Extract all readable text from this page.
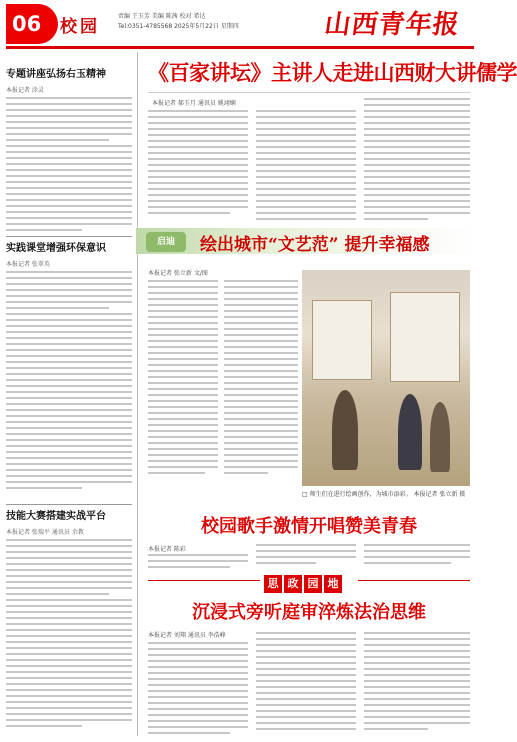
06	校园
责编 王玉芳 美编 陈茜 校对 希达
Tel:0351-4785568 2025年5月22日 星期四	山西青年报
专题讲座弘扬右玉精神
本报记者 涂灵
实践课堂增强环保意识
本报记者 张翠英
技能大赛搭建实战平台
本报记者 张瑞平 通讯员 余教
《百家讲坛》主讲人走进山西财大讲儒学
本报记者 郝玉月 通讯员 姚翊娴
启迪	绘出城市“文艺范” 提升幸福感
本报记者 张立新 文/图
□ 师生们在进行绘画创作，为城市添彩。 本报记者 张立新 摄
校园歌手激情开唱赞美青春
本报记者 陈彩
思 政 园 地
沉浸式旁听庭审淬炼法治思维
本报记者 刘翔 通讯员 李浩峰
